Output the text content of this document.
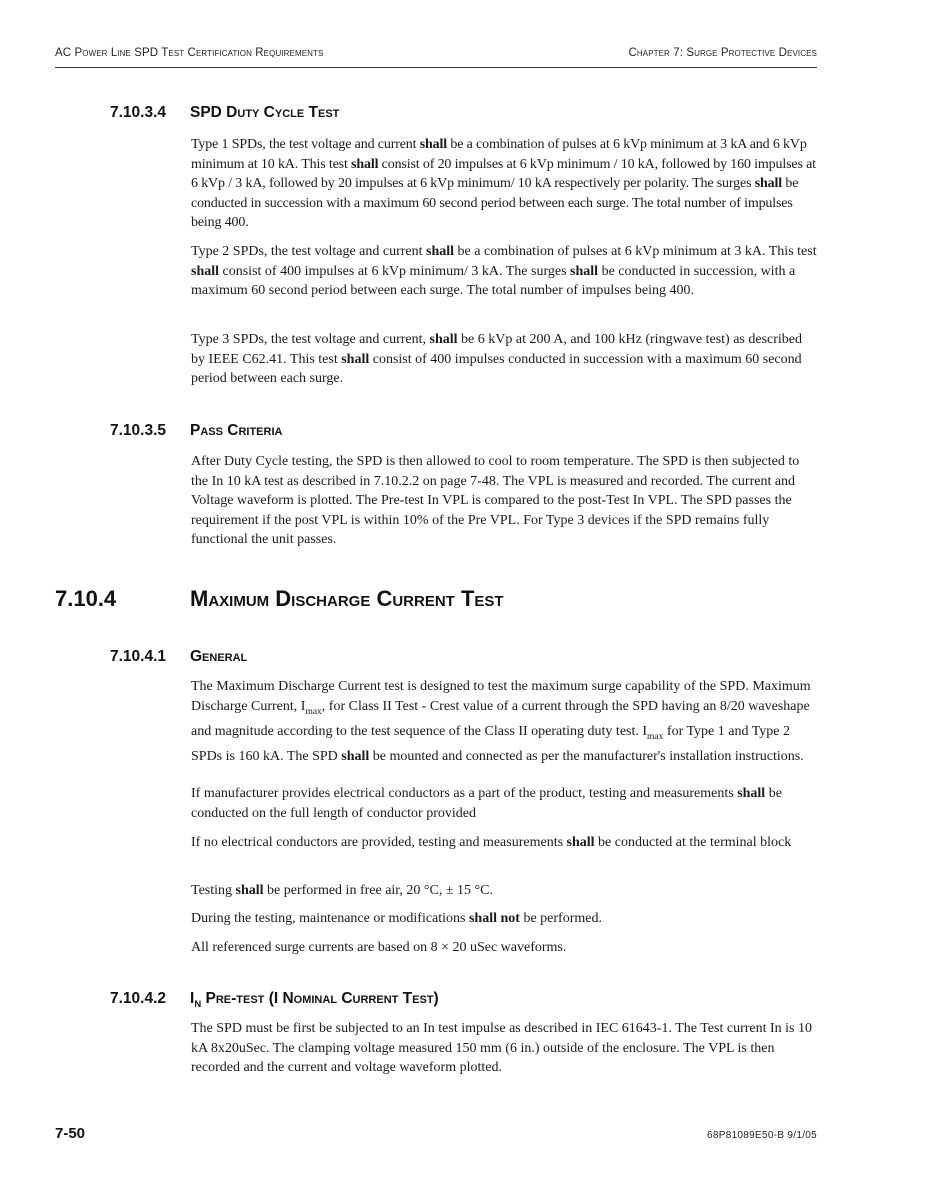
AC Power Line SPD Test Certification Requirements	Chapter 7: Surge Protective Devices
7.10.3.4 SPD Duty Cycle Test

Type 1 SPDs, the test voltage and current shall be a combination of pulses at 6 kVp minimum at 3 kA and 6 kVp minimum at 10 kA. This test shall consist of 20 impulses at 6 kVp minimum / 10 kA, followed by 160 impulses at 6 kVp / 3 kA, followed by 20 impulses at 6 kVp minimum/ 10 kA respectively per polarity. The surges shall be conducted in succession with a maximum 60 second period between each surge. The total number of impulses being 400.

Type 2 SPDs, the test voltage and current shall be a combination of pulses at 6 kVp minimum at 3 kA. This test shall consist of 400 impulses at 6 kVp minimum/ 3 kA. The surges shall be conducted in succession, with a maximum 60 second period between each surge. The total number of impulses being 400.

Type 3 SPDs, the test voltage and current, shall be 6 kVp at 200 A, and 100 kHz (ringwave test) as described by IEEE C62.41. This test shall consist of 400 impulses conducted in succession with a maximum 60 second period between each surge.

7.10.3.5 Pass Criteria

After Duty Cycle testing, the SPD is then allowed to cool to room temperature. The SPD is then subjected to the In 10 kA test as described in 7.10.2.2 on page 7-48. The VPL is measured and recorded. The current and Voltage waveform is plotted. The Pre-test In VPL is compared to the post-Test In VPL. The SPD passes the requirement if the post VPL is within 10% of the Pre VPL. For Type 3 devices if the SPD remains fully functional the unit passes.

7.10.4	Maximum Discharge Current Test
7.10.4.1 General

The Maximum Discharge Current test is designed to test the maximum surge capability of the SPD. Maximum Discharge Current, $I_{max}$, for Class II Test - Crest value of a current through the SPD having an 8/20 waveshape and magnitude according to the test sequence of the Class II operating duty test. $I_{max}$ for Type 1 and Type 2 SPDs is 160 kA. The SPD shall be mounted and connected as per the manufacturer's installation instructions.

If manufacturer provides electrical conductors as a part of the product, testing and measurements shall be conducted on the full length of conductor provided

If no electrical conductors are provided, testing and measurements shall be conducted at the terminal block

Testing shall be performed in free air, 20 °C, ± 15 °C.

During the testing, maintenance or modifications shall not be performed.

All referenced surge currents are based on 8 × 20 uSec waveforms.

7.10.4.2 $I_N$ Pre-test (I Nominal Current Test)

The SPD must be first be subjected to an In test impulse as described in IEC 61643-1. The Test current In is 10 kA 8x20uSec. The clamping voltage measured 150 mm (6 in.) outside of the enclosure. The VPL is then recorded and the current and voltage waveform plotted.

7-50	68P81089E50-B 9/1/05
